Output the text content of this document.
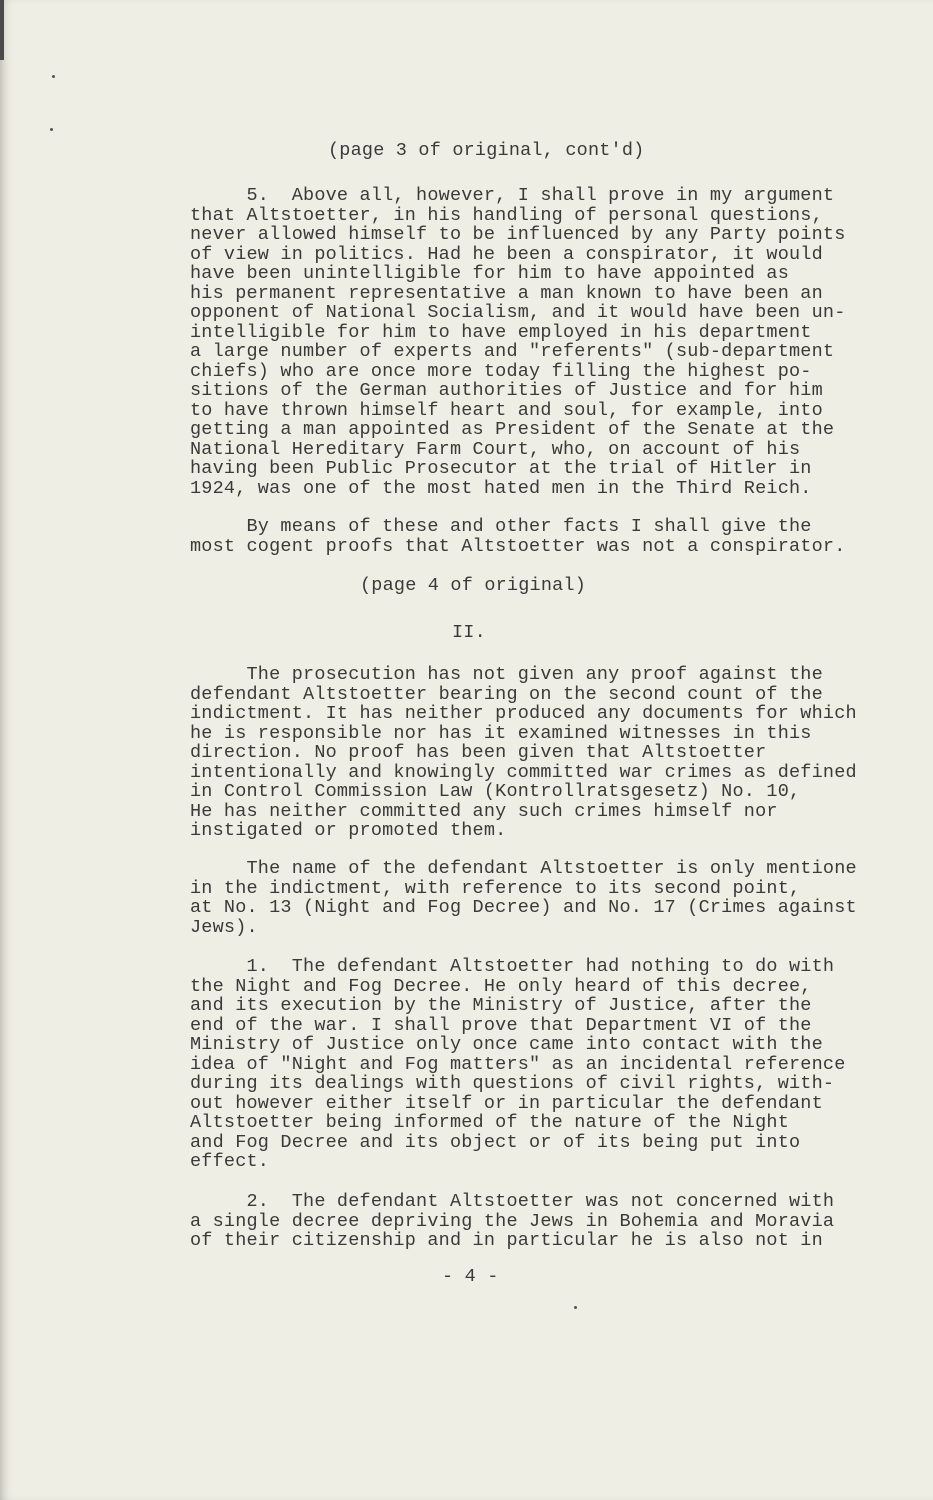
(page 3 of original, cont'd)
5.  Above all, however, I shall prove in my argument
that Altstoetter, in his handling of personal questions,
never allowed himself to be influenced by any Party points
of view in politics. Had he been a conspirator, it would
have been unintelligible for him to have appointed as
his permanent representative a man known to have been an
opponent of National Socialism, and it would have been un-
intelligible for him to have employed in his department
a large number of experts and "referents" (sub-department
chiefs) who are once more today filling the highest po-
sitions of the German authorities of Justice and for him
to have thrown himself heart and soul, for example, into
getting a man appointed as President of the Senate at the
National Hereditary Farm Court, who, on account of his
having been Public Prosecutor at the trial of Hitler in
1924, was one of the most hated men in the Third Reich.
By means of these and other facts I shall give the
most cogent proofs that Altstoetter was not a conspirator.
(page 4 of original)
II.
The prosecution has not given any proof against the
defendant Altstoetter bearing on the second count of the
indictment. It has neither produced any documents for which
he is responsible nor has it examined witnesses in this
direction. No proof has been given that Altstoetter
intentionally and knowingly committed war crimes as defined
in Control Commission Law (Kontrollratsgesetz) No. 10,
He has neither committed any such crimes himself nor
instigated or promoted them.
The name of the defendant Altstoetter is only mentione
in the indictment, with reference to its second point,
at No. 13 (Night and Fog Decree) and No. 17 (Crimes against
Jews).
1.  The defendant Altstoetter had nothing to do with
the Night and Fog Decree. He only heard of this decree,
and its execution by the Ministry of Justice, after the
end of the war. I shall prove that Department VI of the
Ministry of Justice only once came into contact with the
idea of "Night and Fog matters" as an incidental reference
during its dealings with questions of civil rights, with-
out however either itself or in particular the defendant
Altstoetter being informed of the nature of the Night
and Fog Decree and its object or of its being put into
effect.
2.  The defendant Altstoetter was not concerned with
a single decree depriving the Jews in Bohemia and Moravia
of their citizenship and in particular he is also not in
- 4 -
